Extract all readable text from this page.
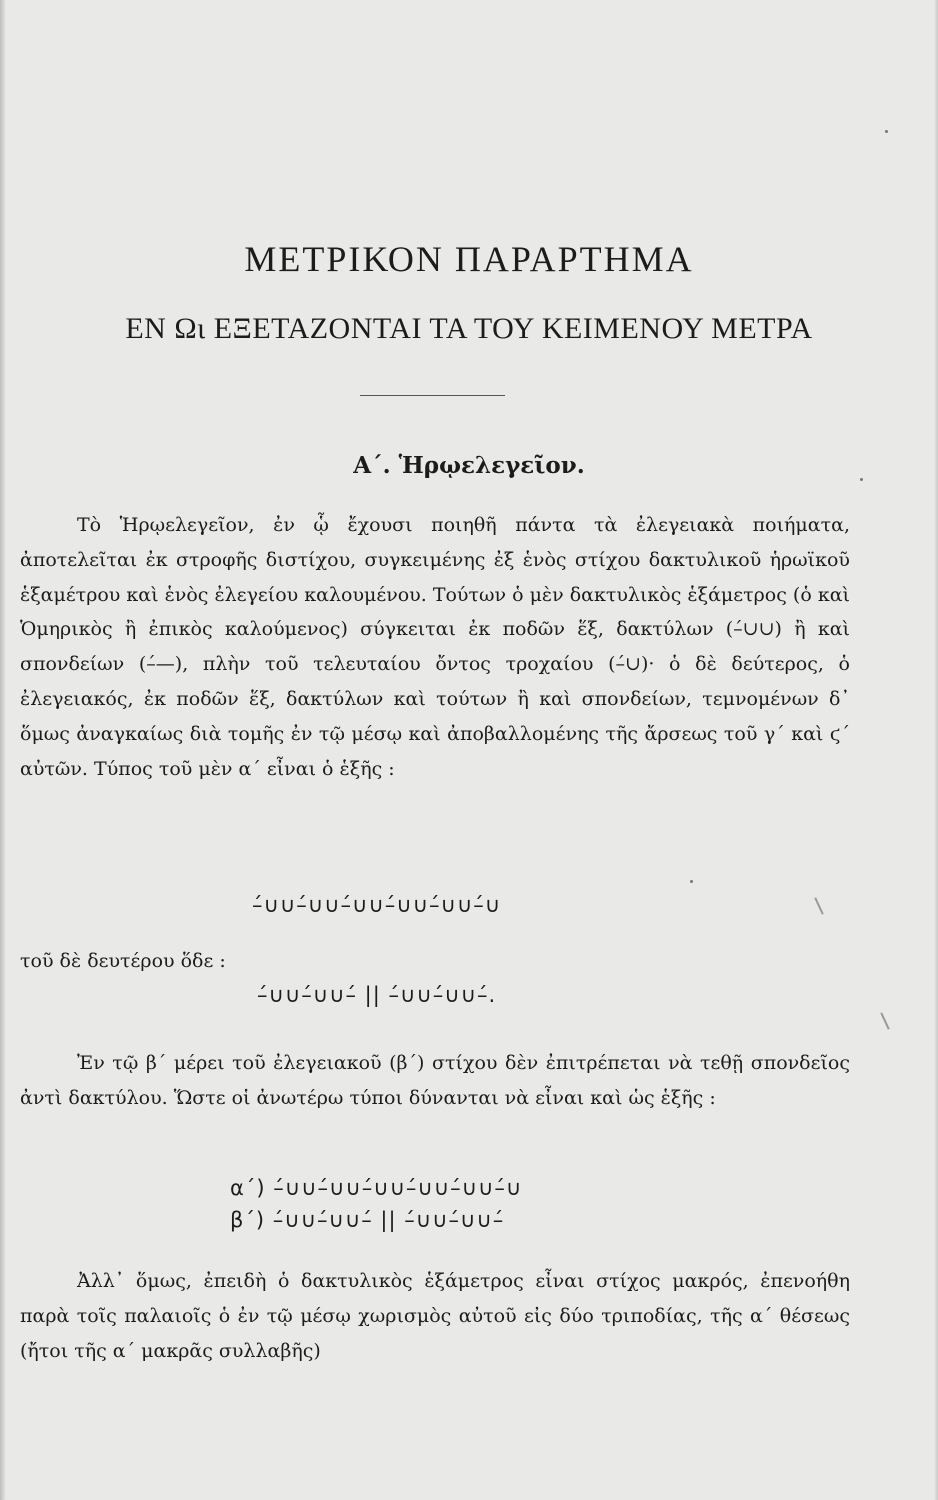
ΜΕΤΡΙΚΟΝ ΠΑΡΑΡΤΗΜΑ
ΕΝ Ωι ΕΞΕΤΑΖΟΝΤΑΙ ΤΑ ΤΟΥ ΚΕΙΜΕΝΟΥ ΜΕΤΡΑ
Α΄. Ἡρῳελεγεῖον.

Τὸ Ἡρῳελεγεῖον, ἐν ᾧ ἔχουσι ποιηθῆ πάντα τὰ ἐλεγειακὰ ποιήματα, ἀποτελεῖται ἐκ στροφῆς διστίχου, συγκειμένης ἐξ ἑνὸς στίχου δακτυλικοῦ ἡρωϊκοῦ ἑξαμέτρου καὶ ἑνὸς ἐλεγείου καλουμένου. Τούτων ὁ μὲν δακτυλικὸς ἑξάμετρος (ὁ καὶ Ὁμηρικὸς ἢ ἐπικὸς καλούμενος) σύγκειται ἐκ ποδῶν ἕξ, δακτύλων (–́∪∪) ἢ καὶ σπονδείων (–́—), πλὴν τοῦ τελευταίου ὄντος τροχαίου (–́∪)· ὁ δὲ δεύτερος, ὁ ἐλεγειακός, ἐκ ποδῶν ἕξ, δακτύλων καὶ τούτων ἢ καὶ σπονδείων, τεμνομένων δ᾽ ὅμως ἀναγκαίως διὰ τομῆς ἐν τῷ μέσῳ καὶ ἀποβαλλομένης τῆς ἄρσεως τοῦ γ΄ καὶ ϛ΄ αὐτῶν. Τύπος τοῦ μὲν α΄ εἶναι ὁ ἑξῆς :

–́∪∪–́∪∪–́∪∪–́∪∪–́∪∪–́∪

τοῦ δὲ δευτέρου ὅδε :

–́∪∪–́∪∪–́ || –́∪∪–́∪∪–́.

Ἐν τῷ β΄ μέρει τοῦ ἐλεγειακοῦ (β΄) στίχου δὲν ἐπιτρέπεται νὰ τεθῇ σπονδεῖος ἀντὶ δακτύλου. Ὥστε οἱ ἀνωτέρω τύποι δύνανται νὰ εἶναι καὶ ὡς ἑξῆς :

α΄) –́∪∪–́∪∪–́∪∪–́∪∪–́∪∪–́∪

β΄) –́∪∪–́∪∪–́ || –́∪∪–́∪∪–́

Ἀλλ᾽ ὅμως, ἐπειδὴ ὁ δακτυλικὸς ἑξάμετρος εἶναι στίχος μακρός, ἐπενοήθη παρὰ τοῖς παλαιοῖς ὁ ἐν τῷ μέσῳ χωρισμὸς αὐτοῦ εἰς δύο τριποδίας, τῆς α΄ θέσεως (ἤτοι τῆς α΄ μακρᾶς συλλαβῆς)
